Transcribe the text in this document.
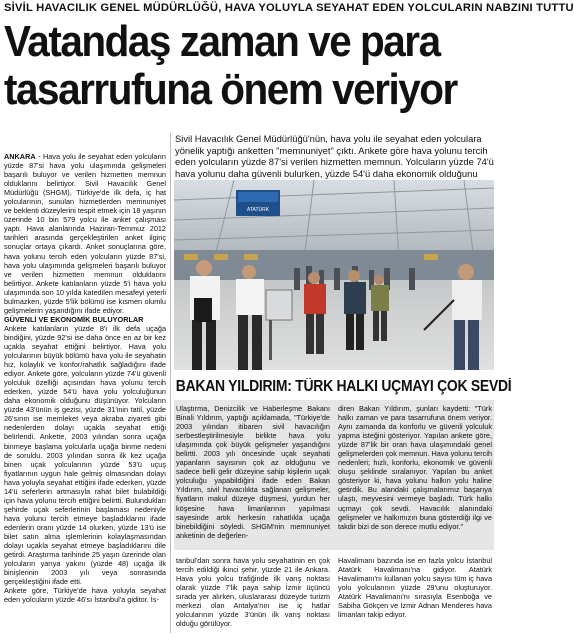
SİVİL HAVACILIK GENEL MÜDÜRLÜĞÜ, HAVA YOLUYLA SEYAHAT EDEN YOLCULARIN NABZINI TUTTU
Vatandaş zaman ve para
tasarrufuna önem veriyor

ANKARA - Hava yolu ile seyahat eden yolcuların yüzde 87'si hava yolu ulaşımında gelişmeleri başarılı buluyor ve verilen hizmetten memnun olduklarını belirtiyor. Sivil Havacılık Genel Müdürlüğü (SHGM), Türkiye'de ilk defa, iç hat yolcularının, sunulan hizmetlerden memnuniyet ve beklenti düzeylerini tespit etmek için 18 yaşının üzerinde 10 bin 579 yolcu ile anket çalışması yaptı. Hava alanlarında Haziran-Temmuz 2012 tarihleri arasında gerçekleştirilen anket ilginç sonuçlar ortaya çıkardı. Anket sonuçlarına göre, hava yolunu tercih eden yolcuların yüzde 87'si, hava yolu ulaşımında gelişmeleri başarılı buluyor ve verilen hizmetten memnun olduklarını belirtiyor. Ankete katılanların yüzde 5'i hava yolu ulaşımında son 10 yılda katedilen mesafeyi yeterli bulmazken, yüzde 5'lik bölümü ise kısmen olumlu gelişmelerin yaşandığını ifade ediyor.

GÜVENLİ VE EKONOMİK BULUYORLAR

Ankete katılanların yüzde 8'i ilk defa uçağa bindiğini, yüzde 92'si ise daha önce en az bir kez uçakla seyahat ettiğini belirtiyor. Hava yolu yolcularının büyük bölümü hava yolu ile seyahatin hız, kolaylık ve konfor/rahatlık sağladığını ifade ediyor. Ankete göre, yolcuların yüzde 74'ü güvenli yolculuk özelliği açısından hava yolunu tercih ederken, yüzde 54'ü hava yolu yolculuğunun daha ekonomik olduğunu düşünüyor. Yolcuların yüzde 43'ünün iş gezisi, yüzde 31'inin tatil, yüzde 26'sının ise memleket veya akraba ziyareti gibi nedenlerden dolayı uçakla seyahat ettiği belirlendi. Ankette, 2003 yılından sonra uçağa binmeye başlama yolcularla uçağa binme nedeni de soruldu. 2003 yılından sonra ilk kez uçağa binen uçak yolcularının yüzde 53'ü uçuş fiyatlarının uygun hale gelmiş olmasından dolayı hava yoluyla seyahat ettiğini ifade ederken, yüzde 14'ü seferlerin artmasıyla rahat bilet bulabildiği için hava yolunu tercih ettiğini belirtti. Bulundukları şehirde uçak seferlerinin başlaması nedeniyle hava yolunu tercih etmeye başladıklarını ifade edenlerin oranı yüzde 14 olurken, yüzde 13'ü ise bilet satın alma işlemlerinin kolaylaşmasından dolayı uçakla seyahat etmeye başladıklarını dile getirdi. Araştırma tarihinde 25 yaşın üzerinde olan yolcuların yarıya yakını (yüzde 48) uçağa ilk binişlerinin 2003 yılı veya sonrasında gerçekleştiğini ifade etti.

Ankete göre, Türkiye'de hava yoluyla seyahat eden yolcuların yüzde 46'sı İstanbul'a giditor. İs-

Sivil Havacılık Genel Müdürlüğü'nün, hava yolu ile seyahat eden yolculara yönelik yaptığı anketten "memnuniyet" çıktı. Ankete göre hava yolunu tercih eden yolcuların yüzde 87'si verilen hizmetten memnun. Yolcuların yüzde 74'ü hava yolunu daha güvenli bulurken, yüzde 54'ü daha ekonomik olduğunu
ATATÜRK
BAKAN YILDIRIM: TÜRK HALKI UÇMAYI ÇOK SEVDİ
Ulaştırma, Denizcilik ve Haberleşme Bakanı Binali Yıldırım, yaptığı açıklamada, "Türkiye'de 2003 yılından itibaren sivil havacılığın serbestleştirilmesiyle birlikte hava yolu ulaşımında çok büyük gelişmeler yaşandığını belirtti. 2003 yılı öncesinde uçak seyahati yapanların sayısının çok az olduğunu ve sadece belli gelir düzeyine sahip kişilerin uçak yolculuğu yapabildiğini ifade eden Bakan Yıldırım, sivil havacılıkta sağlanan gelişmeler, fiyatların makul düzeye düşmesi, yurdun her köşesine hava limanlarının yapılması sayesinde artık herkesin rahatlıkla uçağa binebildiğini söyledi. SHGM'nin memnuniyet anketinin de değerlen-
diren Bakan Yıldırım, şunları kaydetti: "Türk halkı zaman ve para tasarrufuna önem veriyor. Aynı zamanda da konforlu ve güvenli yolculuk yapma isteğini gösteriyor. Yapılan ankete göre, yüzde 87'lik bir oran hava ulaşımındaki genel gelişmelerden çok memnun. Hava yolunu tercih nedenleri; hızlı, konforlu, ekonomik ve güvenli oluşu şeklinde sıralanıyor. Yapılan bu anket gösteriyor ki, hava yolunu halkın yolu haline getirdik. Bu alandaki çalışmalarımız başarıya ulaştı, meyvesini vermeye başladı. Türk halkı uçmayı çok sevdi. Havacılık alanındaki gelişmeler ve halkımızın buna gösterdiği ilgi ve takdir bizi de son derece mutlu ediyor."
tanbul'dan sonra hava yolu seyahatinin en çok tercih edildiği ikinci şehir, yüzde 21 ile Ankara. Hava yolu yolcu trafiğinde ilk varış noktası olarak yüzde 7'lik paya sahip İzmir üçüncü sırada yer alırken, uluslararası düzeyde turizm merkezi olan Antalya'nın ise iç hatlar yolcularının yüzde 3'ünün ilk varış noktası olduğu görülüyor.
Havalimanı bazında ise en fazla yolcu İstanbul Atatürk Havalimanı'na gidiyor. Atatürk Havalimanı'nı kullanan yolcu sayısı tüm iç hava yolu yolcularının yüzde 29'unu oluşturuyor. Atatürk Havalimanı'nı sırasıyla Esenboğa ve Sabiha Gökçen ve İzmir Adnan Menderes hava limanları takip ediyor.
